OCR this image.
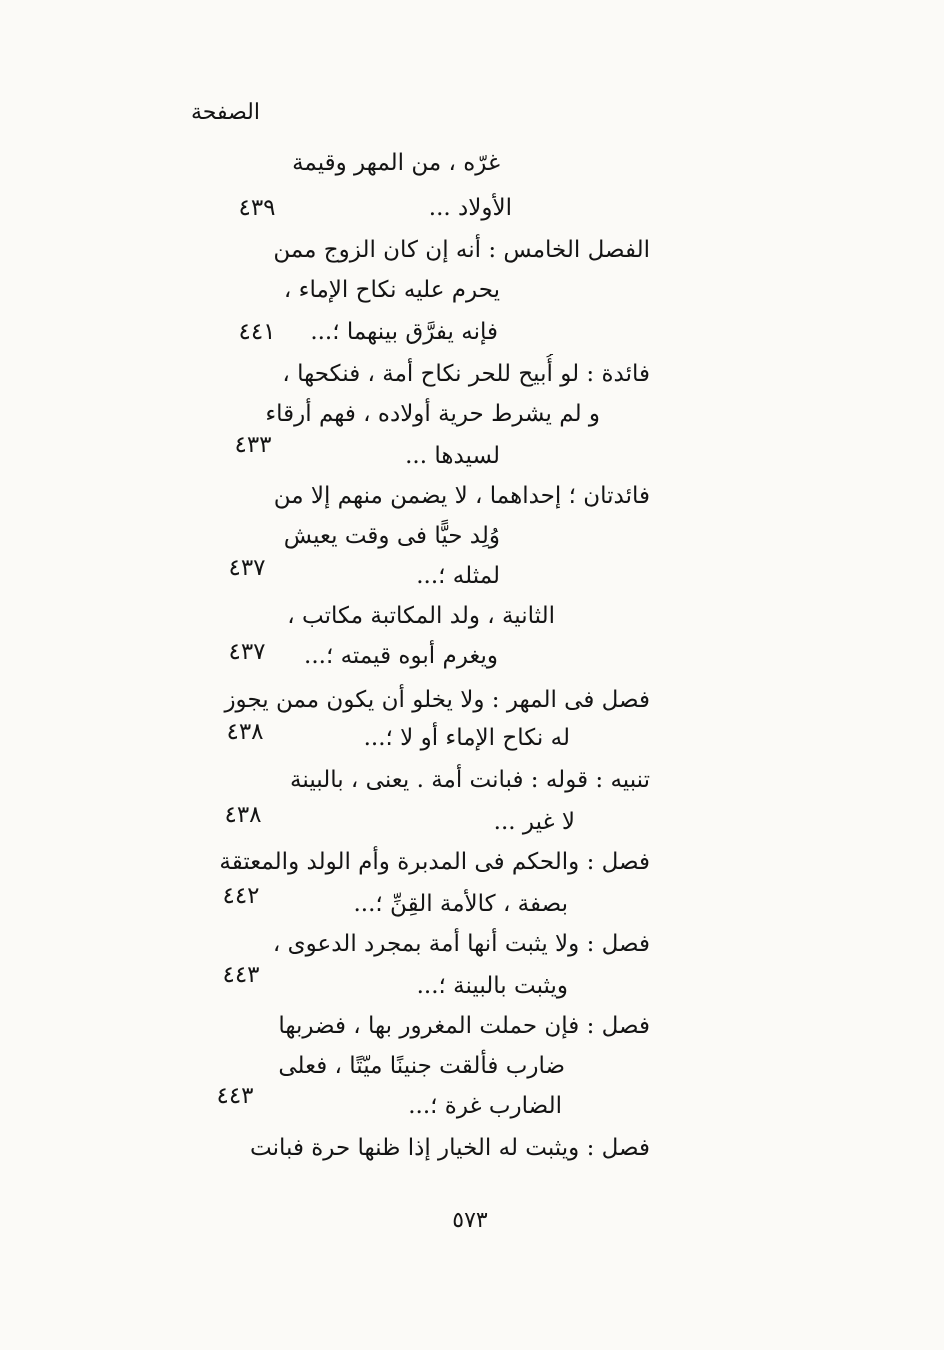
الصفحة
غرّه ، من المهر وقيمة
الأولاد ...
٤٣٩
الفصل الخامس : أنه إن كان الزوج ممن
يحرم عليه نكاح الإماء ،
فإنه يفرَّق بينهما ؛...
٤٤١
فائدة : لو أُبيح للحر نكاح أمة ، فنكحها ،
و لم يشرط حرية أولاده ، فهم أرقاء
لسيدها ...
٤٣٣
فائدتان ؛ إحداهما ، لا يضمن منهم إلا من
وُلِد حيًّا فى وقت يعيش
لمثله ؛...
٤٣٧
الثانية ، ولد المكاتبة مكاتب ،
ويغرم أبوه قيمته ؛...
٤٣٧
فصل فى المهر : ولا يخلو أن يكون ممن يجوز
له نكاح الإماء أو لا ؛...
٤٣٨
تنبيه : قوله : فبانت أمة . يعنى ، بالبينة
لا غير ...
٤٣٨
فصل : والحكم فى المدبرة وأم الولد والمعتقة
بصفة ، كالأمة القِنِّ ؛...
٤٤٢
فصل : ولا يثبت أنها أمة بمجرد الدعوى ،
ويثبت بالبينة ؛...
٤٤٣
فصل : فإن حملت المغرور بها ، فضربها
ضارب فألقت جنينًا ميّتًا ، فعلى
الضارب غرة ؛...
٤٤٣
فصل : ويثبت له الخيار إذا ظنها حرة فبانت
٥٧٣
